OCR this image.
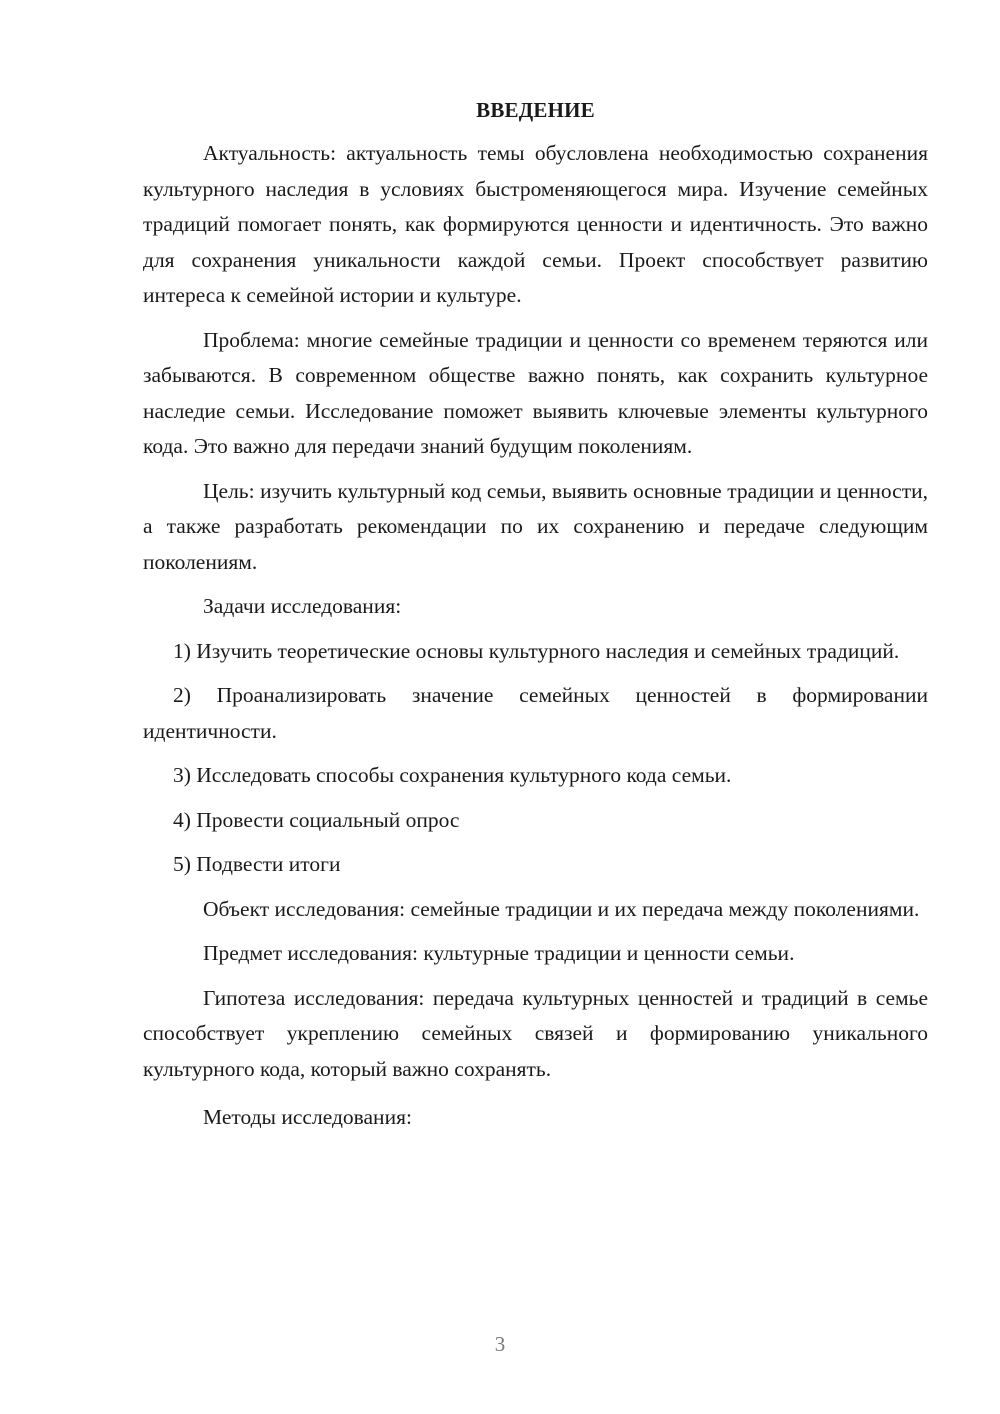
ВВЕДЕНИЕ

Актуальность: актуальность темы обусловлена необходимостью сохранения культурного наследия в условиях быстроменяющегося мира. Изучение семейных традиций помогает понять, как формируются ценности и идентичность. Это важно для сохранения уникальности каждой семьи. Проект способствует развитию интереса к семейной истории и культуре.

Проблема: многие семейные традиции и ценности со временем теряются или забываются. В современном обществе важно понять, как сохранить культурное наследие семьи. Исследование поможет выявить ключевые элементы культурного кода. Это важно для передачи знаний будущим поколениям.

Цель: изучить культурный код семьи, выявить основные традиции и ценности, а также разработать рекомендации по их сохранению и передаче следующим поколениям.

Задачи исследования:

1) Изучить теоретические основы культурного наследия и семейных традиций.

2) Проанализировать значение семейных ценностей в формировании идентичности.

3) Исследовать способы сохранения культурного кода семьи.

4) Провести социальный опрос

5) Подвести итоги

Объект исследования: семейные традиции и их передача между поколениями.

Предмет исследования: культурные традиции и ценности семьи.

Гипотеза исследования: передача культурных ценностей и традиций в семье способствует укреплению семейных связей и формированию уникального культурного кода, который важно сохранять.

Методы исследования:

3
